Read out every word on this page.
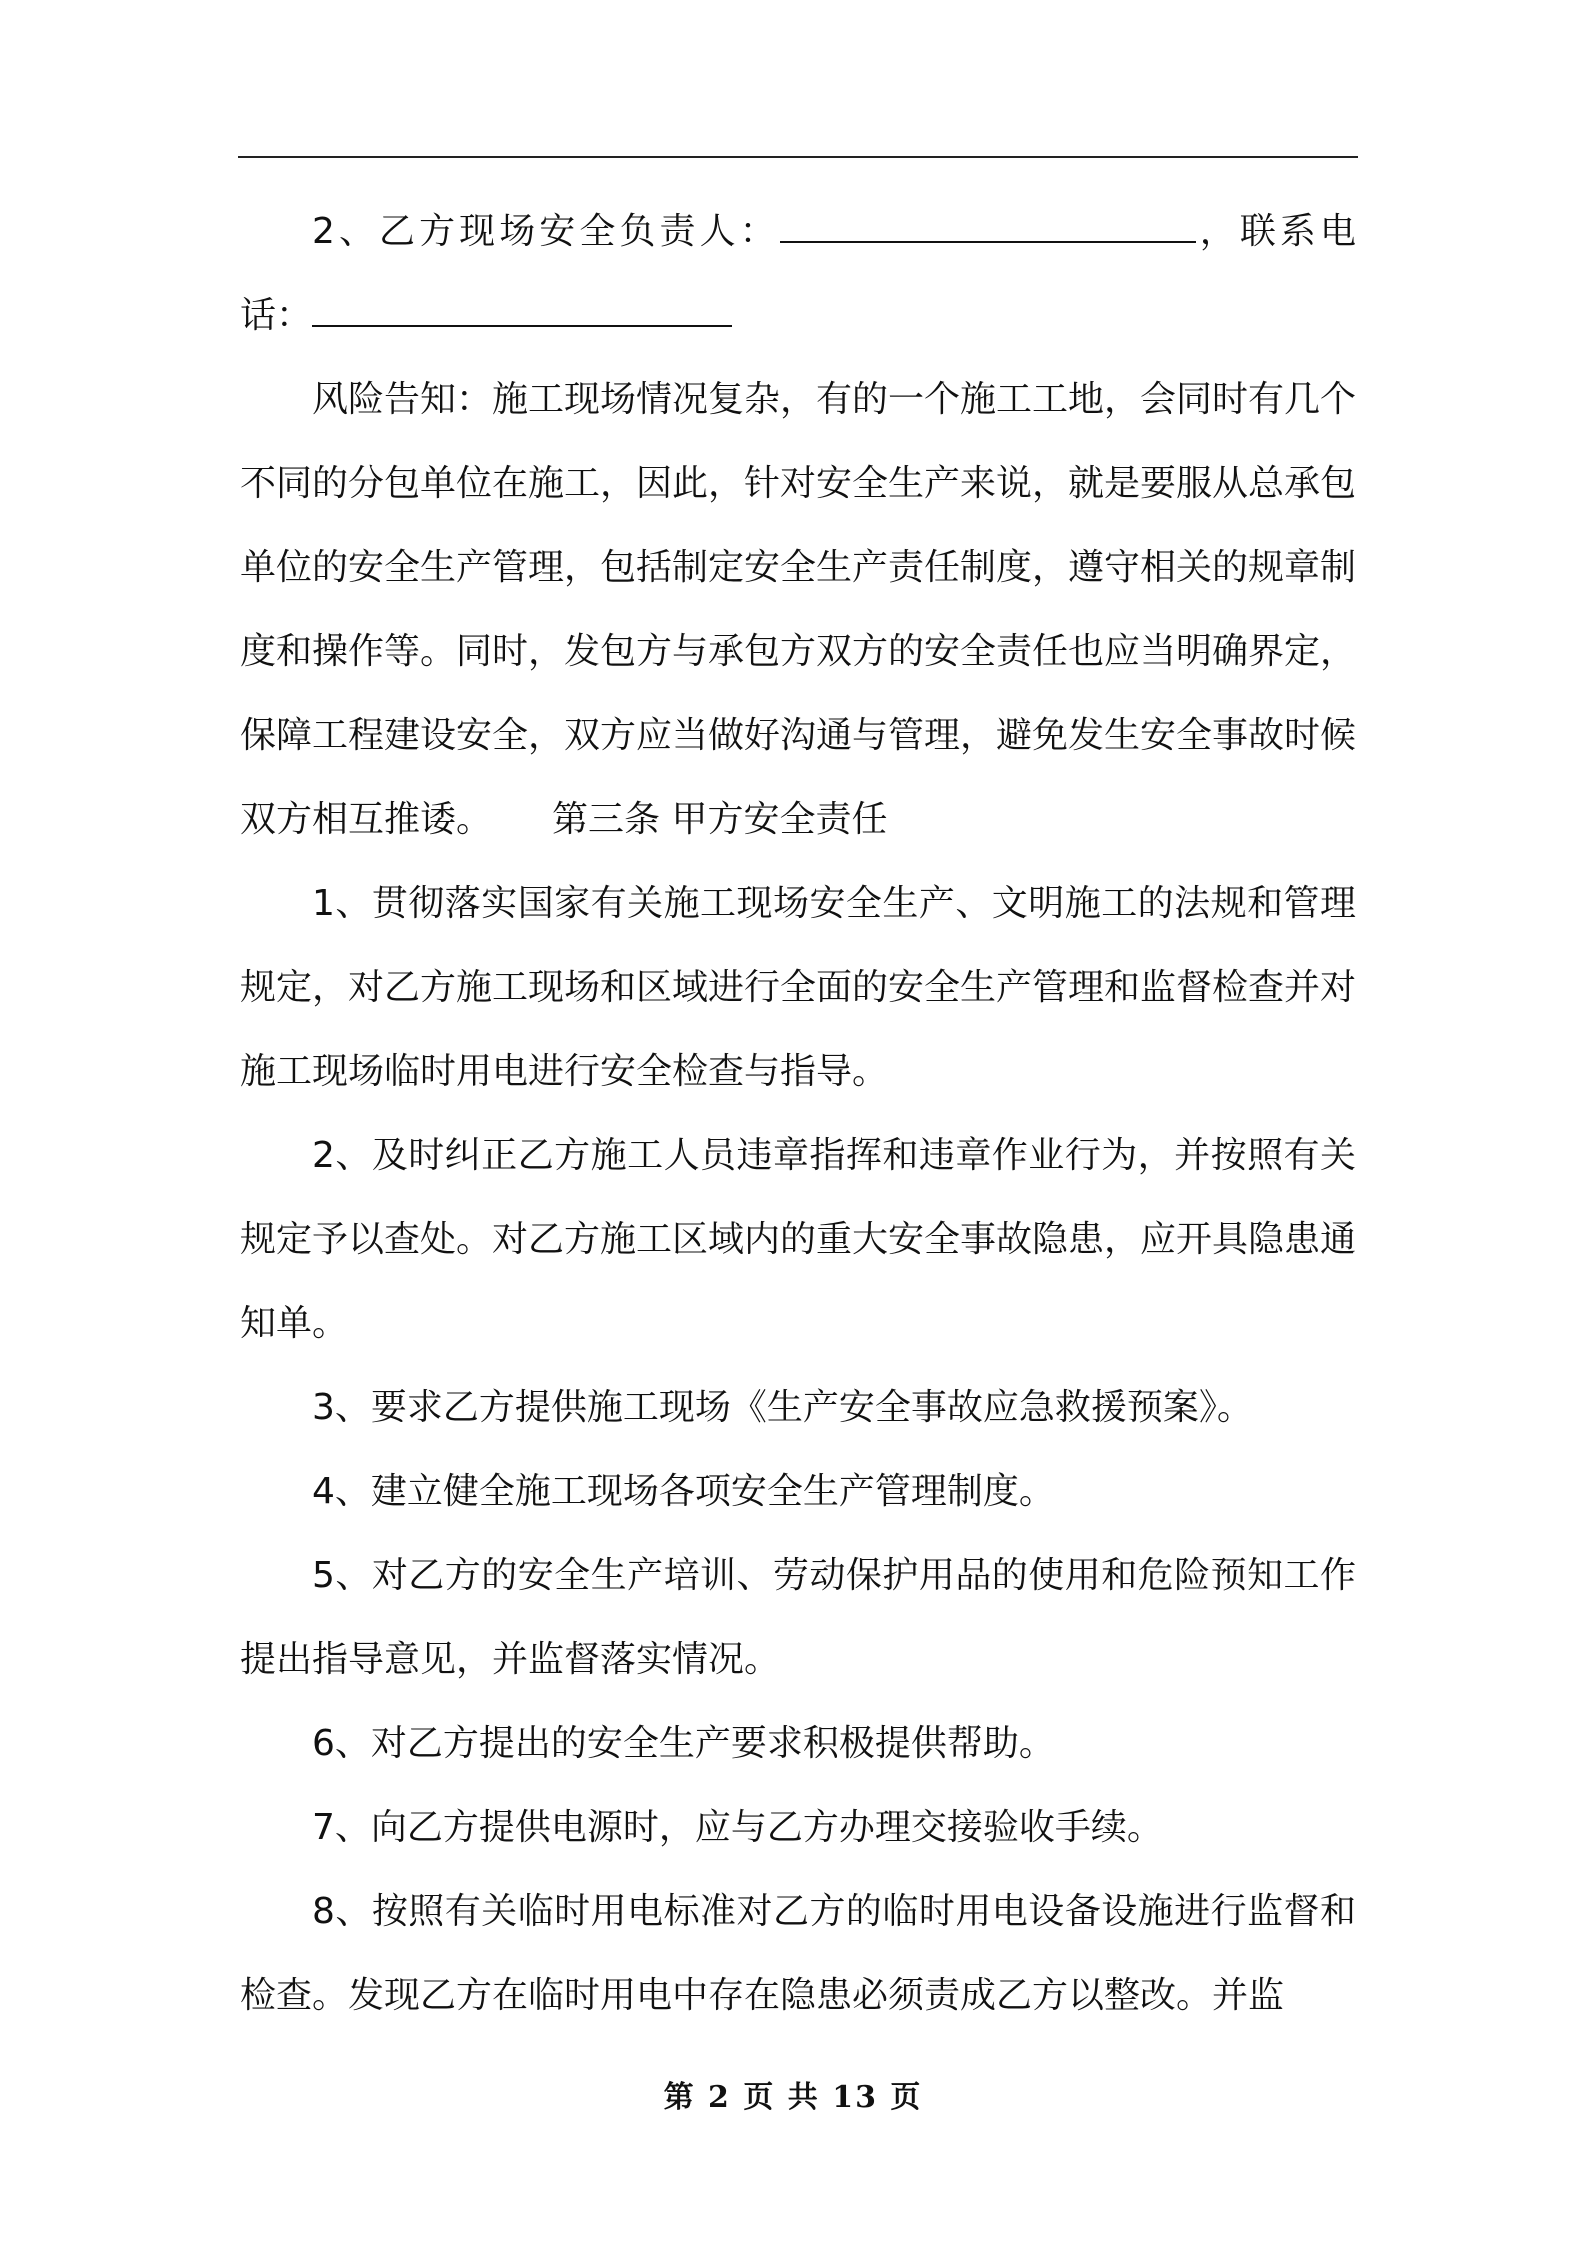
2、乙方现场安全负责人：	，联系电话：

风险告知：施工现场情况复杂，有的一个施工工地，会同时有几个不同的分包单位在施工，因此，针对安全生产来说，就是要服从总承包单位的安全生产管理，包括制定安全生产责任制度，遵守相关的规章制度和操作等。同时，发包方与承包方双方的安全责任也应当明确界定，保障工程建设安全，双方应当做好沟通与管理，避免发生安全事故时候双方相互推诿。 第三条 甲方安全责任

1、贯彻落实国家有关施工现场安全生产、文明施工的法规和管理规定，对乙方施工现场和区域进行全面的安全生产管理和监督检查并对施工现场临时用电进行安全检查与指导。

2、及时纠正乙方施工人员违章指挥和违章作业行为，并按照有关规定予以查处。对乙方施工区域内的重大安全事故隐患，应开具隐患通知单。

3、要求乙方提供施工现场《生产安全事故应急救援预案》。

4、建立健全施工现场各项安全生产管理制度。

5、对乙方的安全生产培训、劳动保护用品的使用和危险预知工作提出指导意见，并监督落实情况。

6、对乙方提出的安全生产要求积极提供帮助。

7、向乙方提供电源时，应与乙方办理交接验收手续。

8、按照有关临时用电标准对乙方的临时用电设备设施进行监督和检查。发现乙方在临时用电中存在隐患必须责成乙方以整改。并监

第 2 页 共 13 页
